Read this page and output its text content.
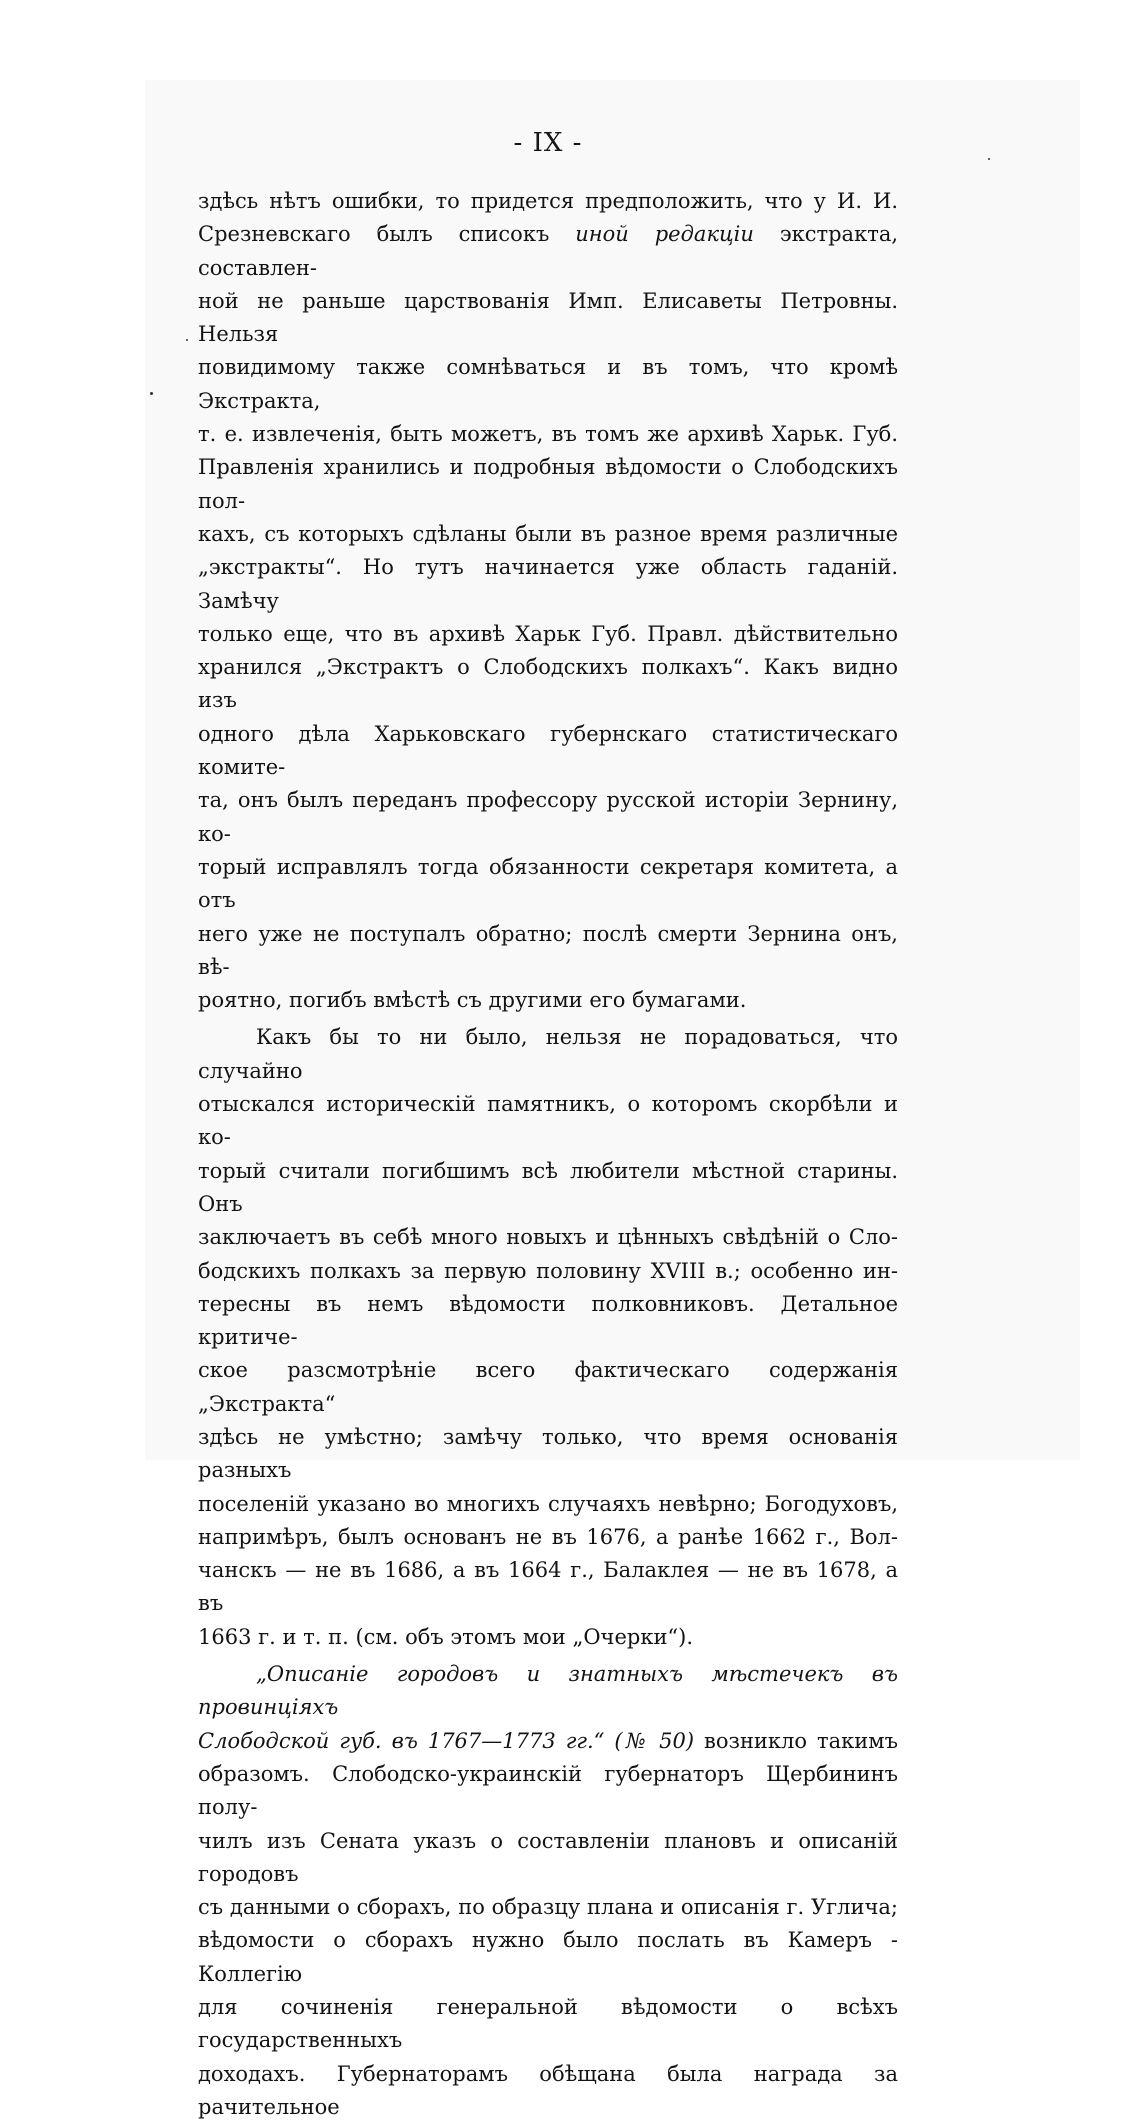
- IX -

здѣсь нѣтъ ошибки, то придется предположить, что у И. И.

Срезневскаго былъ списокъ иной редакціи экстракта, составлен-

ной не раньше царствованія Имп. Елисаветы Петровны. Нельзя

повидимому также сомнѣваться и въ томъ, что кромѣ Экстракта,

т. е. извлеченія, быть можетъ, въ томъ же архивѣ Харьк. Губ.

Правленія хранились и подробныя вѣдомости о Слободскихъ пол-

кахъ, съ которыхъ сдѣланы были въ разное время различные

„экстракты“. Но тутъ начинается уже область гаданій. Замѣчу

только еще, что въ архивѣ Харьк Губ. Правл. дѣйствительно

хранился „Экстрактъ о Слободскихъ полкахъ“. Какъ видно изъ

одного дѣла Харьковскаго губернскаго статистическаго комите-

та, онъ былъ переданъ профессору русской исторіи Зернину, ко-

торый исправлялъ тогда обязанности секретаря комитета, а отъ

него уже не поступалъ обратно; послѣ смерти Зернина онъ, вѣ-

роятно, погибъ вмѣстѣ съ другими его бумагами.

Какъ бы то ни было, нельзя не порадоваться, что случайно

отыскался историческій памятникъ, о которомъ скорбѣли и ко-

торый считали погибшимъ всѣ любители мѣстной старины. Онъ

заключаетъ въ себѣ много новыхъ и цѣнныхъ свѣдѣній о Сло-

бодскихъ полкахъ за первую половину XVIII в.; особенно ин-

тересны въ немъ вѣдомости полковниковъ. Детальное критиче-

ское разсмотрѣніе всего фактическаго содержанія „Экстракта“

здѣсь не умѣстно; замѣчу только, что время основанія разныхъ

поселеній указано во многихъ случаяхъ невѣрно; Богодуховъ,

напримѣръ, былъ основанъ не въ 1676, а ранѣе 1662 г., Вол-

чанскъ — не въ 1686, а въ 1664 г., Балаклея — не въ 1678, а въ

1663 г. и т. п. (см. объ этомъ мои „Очерки“).

„Описаніе городовъ и знатныхъ мѣстечекъ въ провинціяхъ

Слободской губ. въ 1767—1773 гг.“ (№ 50) возникло такимъ

образомъ. Слободско-украинскій губернаторъ Щербининъ полу-

чилъ изъ Сената указъ о составленіи плановъ и описаній городовъ

съ данными о сборахъ, по образцу плана и описанія г. Углича;

вѣдомости о сборахъ нужно было послать въ Камеръ - Коллегію

для сочиненія генеральной вѣдомости о всѣхъ государственныхъ

доходахъ. Губернаторамъ обѣщана была награда за рачительное
